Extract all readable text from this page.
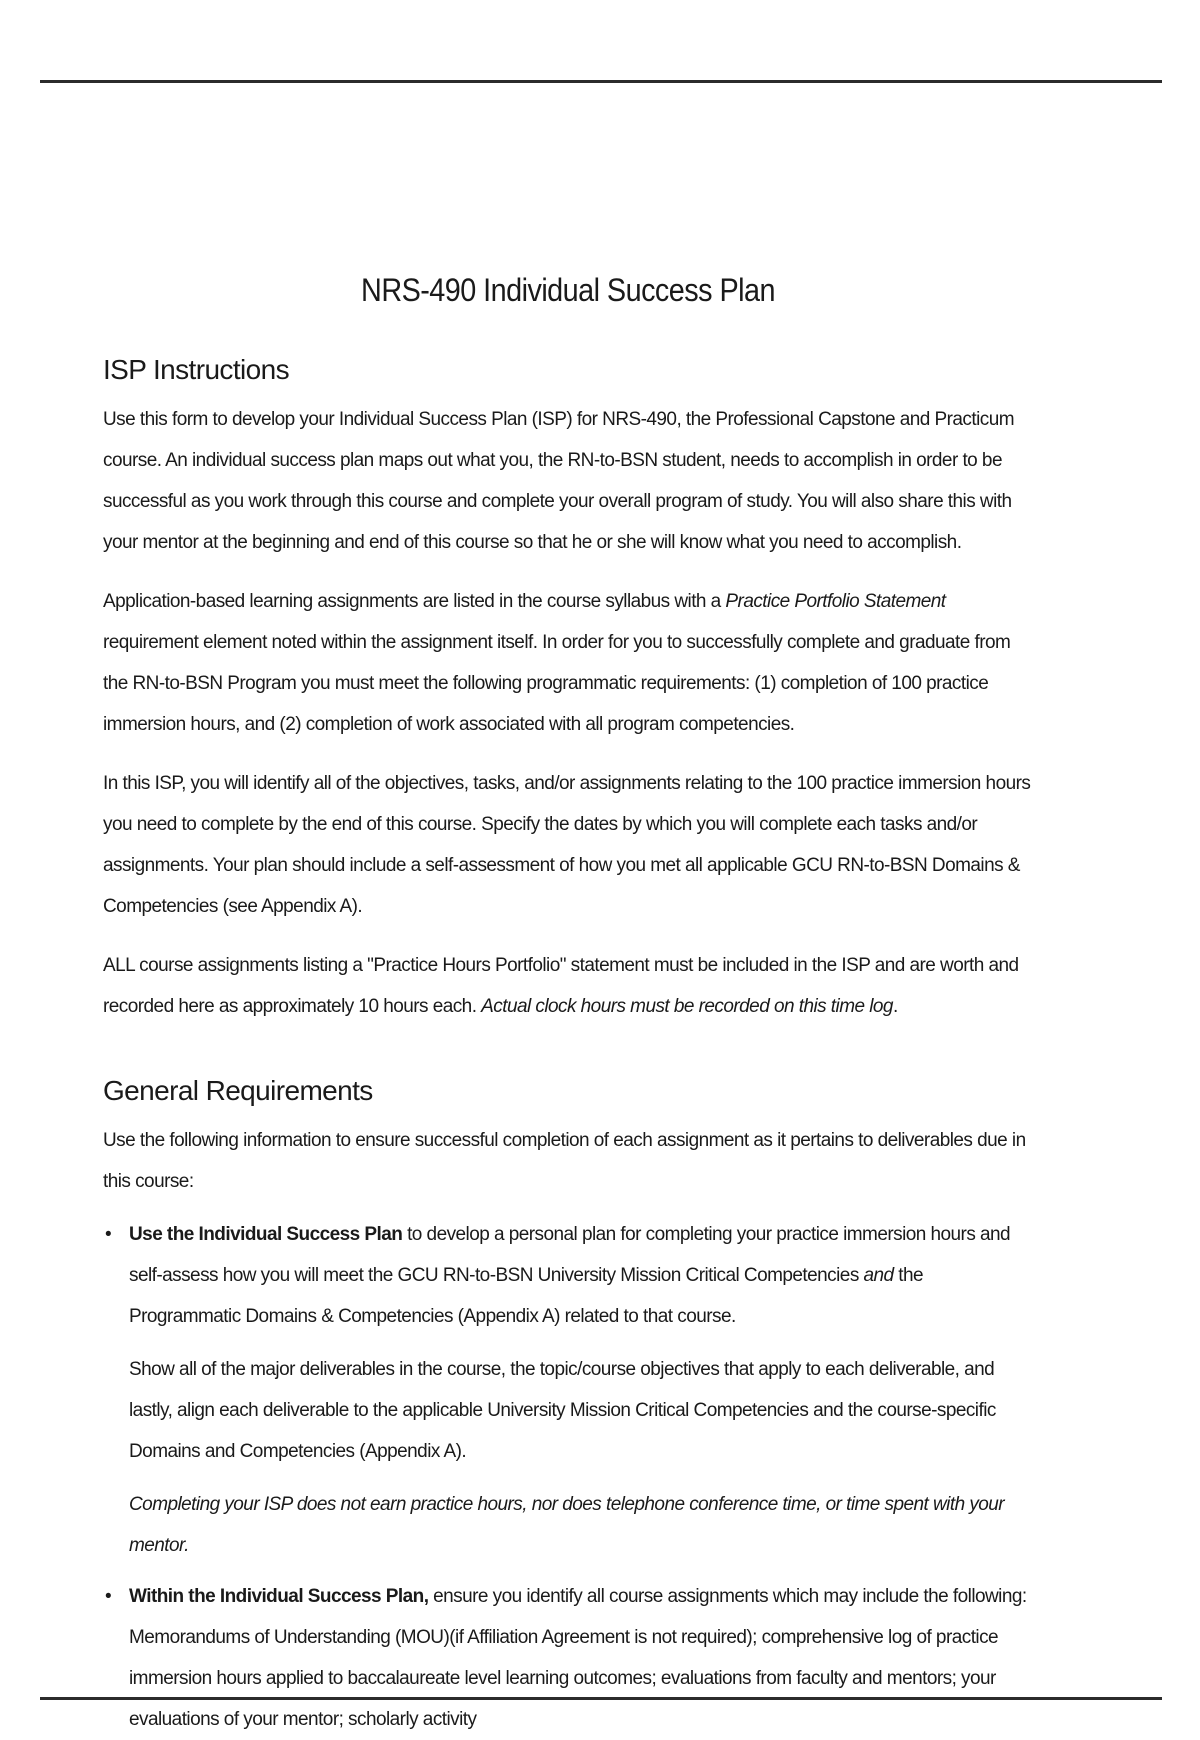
NRS-490 Individual Success Plan
ISP Instructions

Use this form to develop your Individual Success Plan (ISP) for NRS-490, the Professional Capstone and Practicum course. An individual success plan maps out what you, the RN-to-BSN student, needs to accomplish in order to be successful as you work through this course and complete your overall program of study. You will also share this with your mentor at the beginning and end of this course so that he or she will know what you need to accomplish.

Application-based learning assignments are listed in the course syllabus with a Practice Portfolio Statement requirement element noted within the assignment itself. In order for you to successfully complete and graduate from the RN-to-BSN Program you must meet the following programmatic requirements: (1) completion of 100 practice immersion hours, and (2) completion of work associated with all program competencies.

In this ISP, you will identify all of the objectives, tasks, and/or assignments relating to the 100 practice immersion hours you need to complete by the end of this course. Specify the dates by which you will complete each tasks and/or assignments. Your plan should include a self-assessment of how you met all applicable GCU RN-to-BSN Domains & Competencies (see Appendix A).

ALL course assignments listing a "Practice Hours Portfolio" statement must be included in the ISP and are worth and recorded here as approximately 10 hours each. Actual clock hours must be recorded on this time log.

General Requirements

Use the following information to ensure successful completion of each assignment as it pertains to deliverables due in this course:

• Use the Individual Success Plan to develop a personal plan for completing your practice immersion hours and self-assess how you will meet the GCU RN-to-BSN University Mission Critical Competencies and the Programmatic Domains & Competencies (Appendix A) related to that course.

Show all of the major deliverables in the course, the topic/course objectives that apply to each deliverable, and lastly, align each deliverable to the applicable University Mission Critical Competencies and the course-specific Domains and Competencies (Appendix A).

Completing your ISP does not earn practice hours, nor does telephone conference time, or time spent with your mentor.

• Within the Individual Success Plan, ensure you identify all course assignments which may include the following: Memorandums of Understanding (MOU)(if Affiliation Agreement is not required); comprehensive log of practice immersion hours applied to baccalaureate level learning outcomes; evaluations from faculty and mentors; your evaluations of your mentor; scholarly activity
